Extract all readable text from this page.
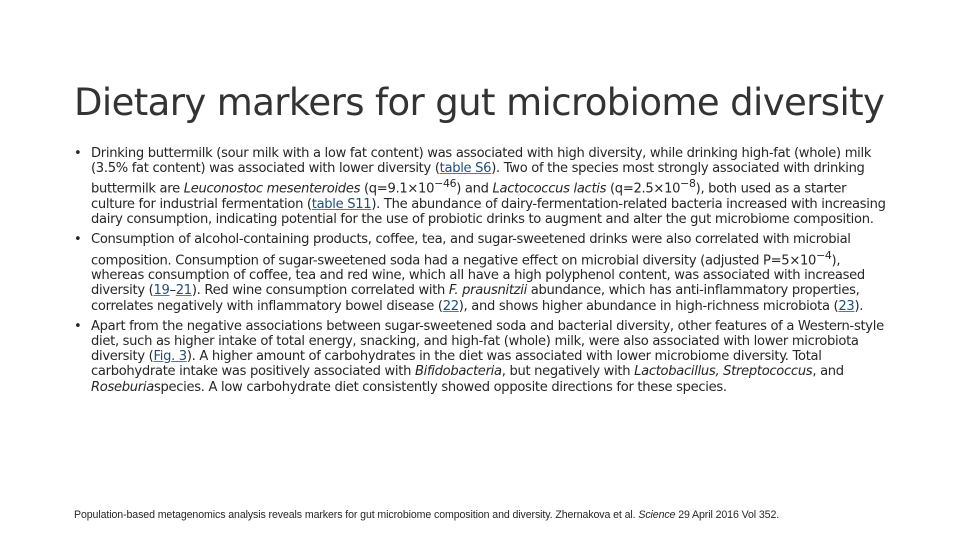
Dietary markers for gut microbiome diversity
• Drinking buttermilk (sour milk with a low fat content) was associated with high diversity, while drinking high-fat (whole) milk (3.5% fat content) was associated with lower diversity (table S6). Two of the species most strongly associated with drinking buttermilk are Leuconostoc mesenteroides $(q=9.1\times 10^{-46})$ and Lactococcus lactis $(q=2.5\times 10^{-8})$, both used as a starter culture for industrial fermentation (table S11). The abundance of dairy-fermentation-related bacteria increased with increasing dairy consumption, indicating potential for the use of probiotic drinks to augment and alter the gut microbiome composition.
• Consumption of alcohol-containing products, coffee, tea, and sugar-sweetened drinks were also correlated with microbial composition. Consumption of sugar-sweetened soda had a negative effect on microbial diversity (adjusted $P=5\times 10^{-4}$), whereas consumption of coffee, tea and red wine, which all have a high polyphenol content, was associated with increased diversity (19–21). Red wine consumption correlated with F. prausnitzii abundance, which has anti-inflammatory properties, correlates negatively with inflammatory bowel disease (22), and shows higher abundance in high-richness microbiota (23).
• Apart from the negative associations between sugar-sweetened soda and bacterial diversity, other features of a Western-style diet, such as higher intake of total energy, snacking, and high-fat (whole) milk, were also associated with lower microbiota diversity (Fig. 3). A higher amount of carbohydrates in the diet was associated with lower microbiome diversity. Total carbohydrate intake was positively associated with Bifidobacteria, but negatively with Lactobacillus, Streptococcus, and Roseburiaspecies. A low carbohydrate diet consistently showed opposite directions for these species.
Population-based metagenomics analysis reveals markers for gut microbiome composition and diversity. Zhernakova et al. Science 29 April 2016 Vol 352.
